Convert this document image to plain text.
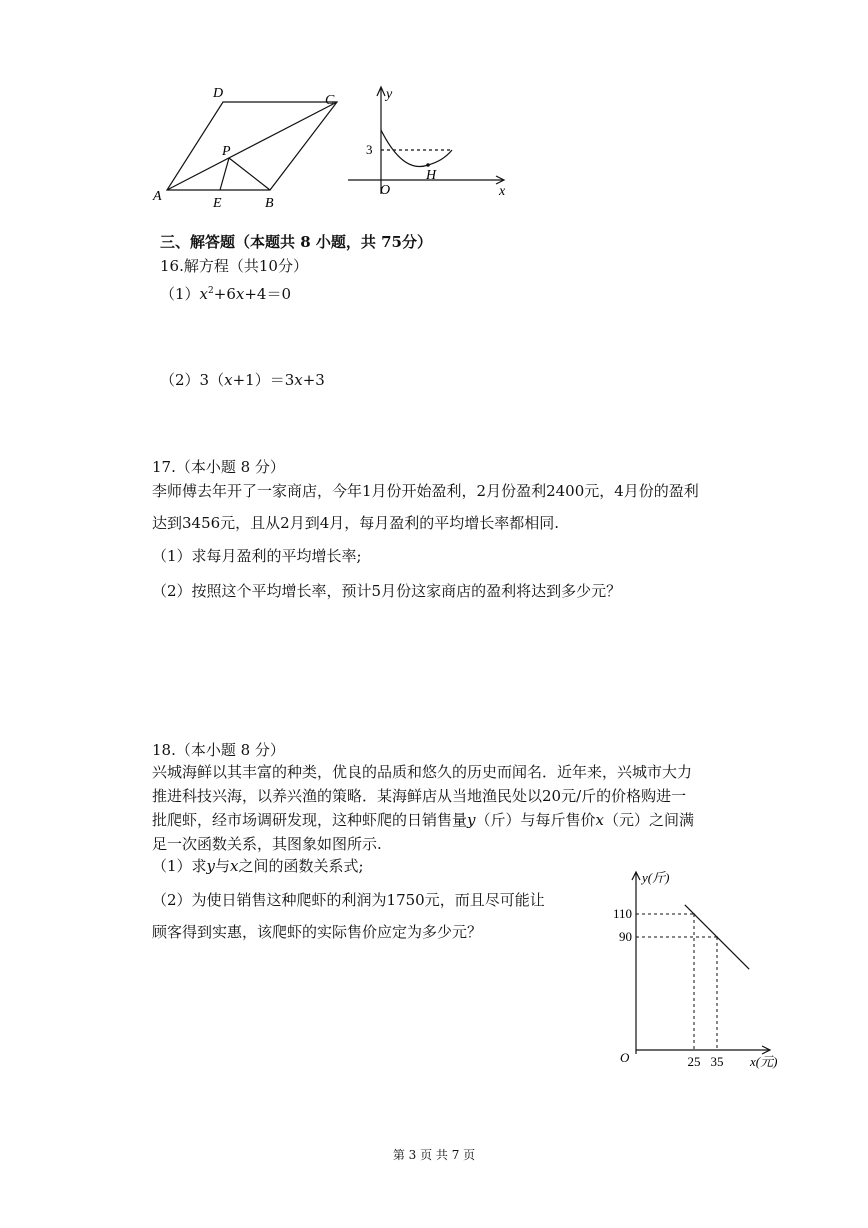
D	C
P
A	E	B
y
3
H
O	x
三、解答题（本题共 8 小题，共 75分）
16.解方程（共10分）
$(1)x^2+6x+4=0$
（2）3（x+1）＝3x+3
17.（本小题 8 分）
李师傅去年开了一家商店，今年1月份开始盈利，2月份盈利2400元，4月份的盈利
达到3456元，且从2月到4月，每月盈利的平均增长率都相同.
（1）求每月盈利的平均增长率;
（2）按照这个平均增长率，预计5月份这家商店的盈利将达到多少元？
18.（本小题 8 分）
兴城海鲜以其丰富的种类，优良的品质和悠久的历史而闻名．近年来，兴城市大力
推进科技兴海，以养兴渔的策略．某海鲜店从当地渔民处以20元/斤的价格购进一
批爬虾，经市场调研发现，这种虾爬的日销售量y（斤）与每斤售价x（元）之间满
足一次函数关系，其图象如图所示.
（1）求y与x之间的函数关系式;
（2）为使日销售这种爬虾的利润为1750元，而且尽可能让
顾客得到实惠，该爬虾的实际售价应定为多少元？
110
90
25 35
y(斤)
O	x(元)
第 3 页 共 7 页
